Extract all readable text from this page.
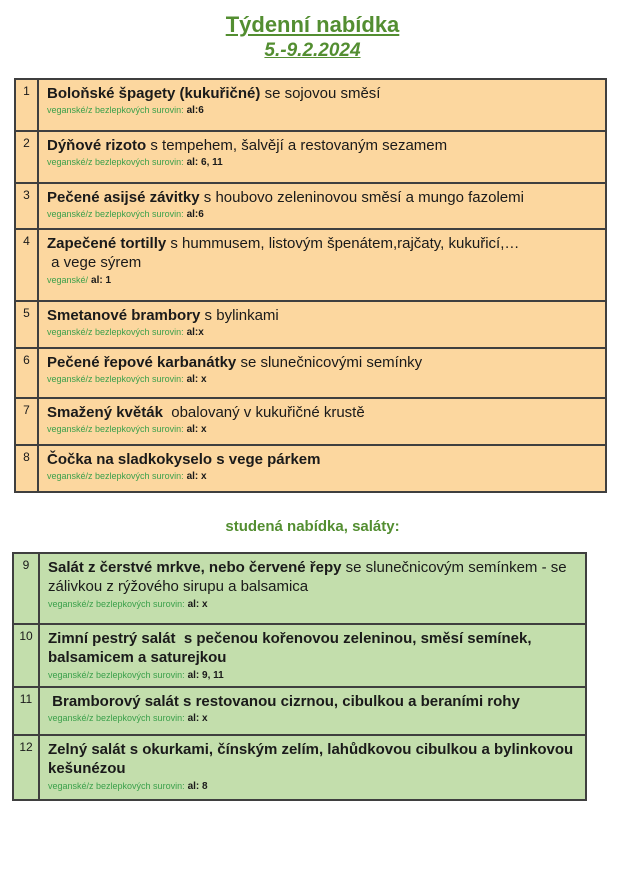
Týdenní nabídka
5.-9.2.2024
1	Boloňské špagety (kukuřičné) se sojovou směsí
veganské/z bezlepkových surovin: al:6
2	Dýňové rizoto s tempehem, šalvějí a restovaným sezamem
veganské/z bezlepkových surovin: al: 6, 11
3	Pečené asijsé závitky s houbovo zeleninovou směsí a mungo fazolemi
veganské/z bezlepkových surovin: al:6
4	Zapečené tortilly s hummusem, listovým špenátem,rajčaty, kukuřicí,…
a vege sýrem
veganské/ al: 1
5	Smetanové brambory s bylinkami
veganské/z bezlepkových surovin: al:x
6	Pečené řepové karbanátky se slunečnicovými semínky
veganské/z bezlepkových surovin: al: x
7	Smažený květák  obalovaný v kukuřičné krustě
veganské/z bezlepkových surovin: al: x
8	Čočka na sladkokyselo s vege párkem
veganské/z bezlepkových surovin: al: x
studená nabídka, saláty:
9	Salát z čerstvé mrkve, nebo červené řepy se slunečnicovým semínkem - se zálivkou z rýžového sirupu a balsamica
veganské/z bezlepkových surovin: al: x
10	Zimní pestrý salát  s pečenou kořenovou zeleninou, směsí semínek, balsamicem a saturejkou
veganské/z bezlepkových surovin: al: 9, 11
11	Bramborový salát s restovanou cizrnou, cibulkou a beraními rohy
veganské/z bezlepkových surovin: al: x
12	Zelný salát s okurkami, čínským zelím, lahůdkovou cibulkou a bylinkovou kešunézou
veganské/z bezlepkových surovin: al: 8
